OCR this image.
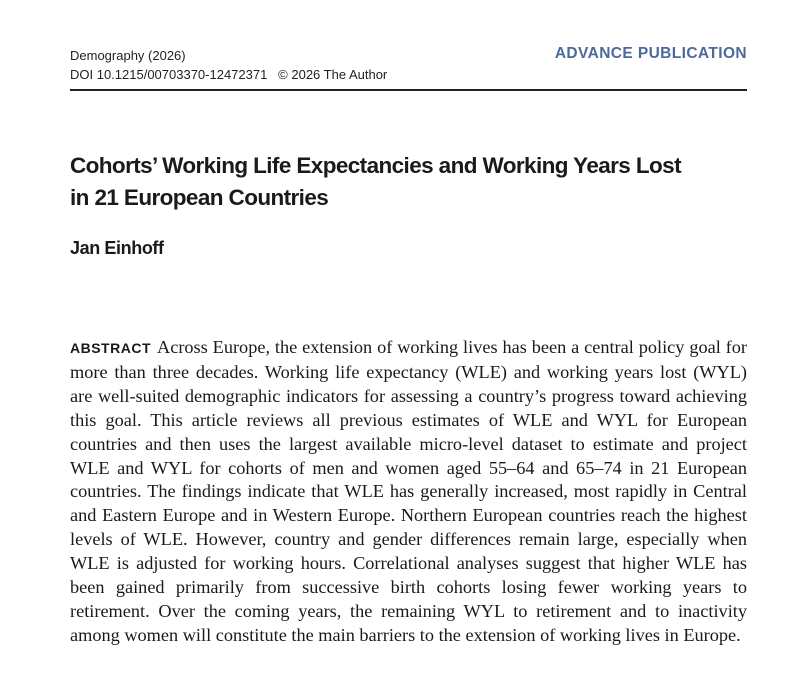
Demography (2026)
DOI 10.1215/00703370-12472371   © 2026 The Author
ADVANCE PUBLICATION
Cohorts’ Working Life Expectancies and Working Years Lost
in 21 European Countries
Jan Einhoff
ABSTRACT Across Europe, the extension of working lives has been a central policy goal for more than three decades. Working life expectancy (WLE) and working years lost (WYL) are well-suited demographic indicators for assessing a country’s progress toward achieving this goal. This article reviews all previous estimates of WLE and WYL for European countries and then uses the largest available micro-level dataset to estimate and project WLE and WYL for cohorts of men and women aged 55–64 and 65–74 in 21 European countries. The findings indicate that WLE has generally increased, most rapidly in Central and Eastern Europe and in Western Europe. Northern European countries reach the highest levels of WLE. However, country and gender differences remain large, especially when WLE is adjusted for working hours. Correlational analyses suggest that higher WLE has been gained primarily from successive birth cohorts losing fewer working years to retirement. Over the coming years, the remaining WYL to retirement and to inactivity among women will constitute the main barriers to the extension of working lives in Europe.
